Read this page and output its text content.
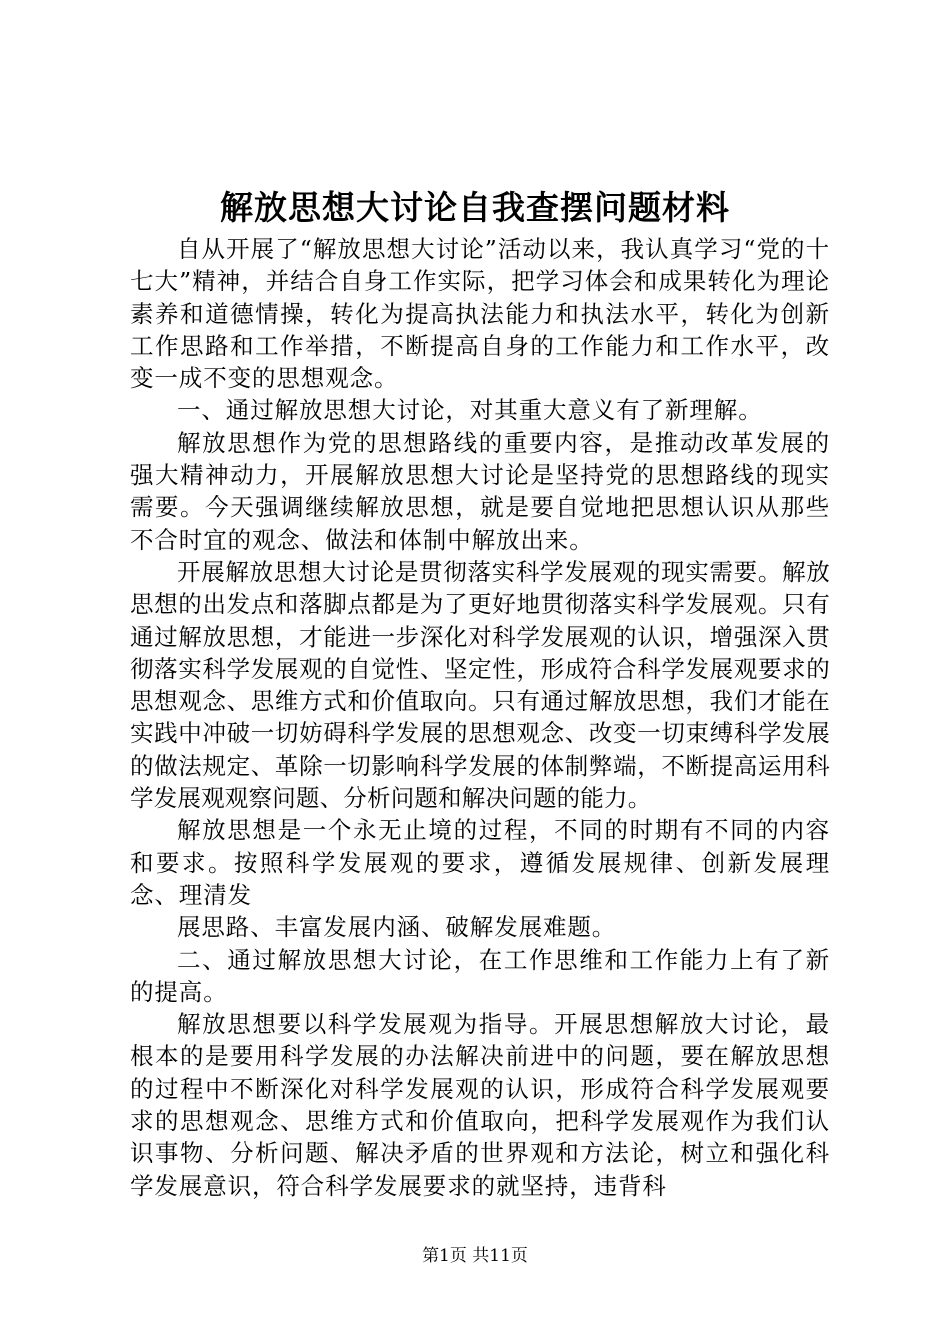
解放思想大讨论自我查摆问题材料

自从开展了“解放思想大讨论”活动以来，我认真学习“党的十七大”精神，并结合自身工作实际，把学习体会和成果转化为理论素养和道德情操，转化为提高执法能力和执法水平，转化为创新工作思路和工作举措，不断提高自身的工作能力和工作水平，改变一成不变的思想观念。

一、通过解放思想大讨论，对其重大意义有了新理解。

解放思想作为党的思想路线的重要内容，是推动改革发展的强大精神动力，开展解放思想大讨论是坚持党的思想路线的现实需要。今天强调继续解放思想，就是要自觉地把思想认识从那些不合时宜的观念、做法和体制中解放出来。

开展解放思想大讨论是贯彻落实科学发展观的现实需要。解放思想的出发点和落脚点都是为了更好地贯彻落实科学发展观。只有通过解放思想，才能进一步深化对科学发展观的认识，增强深入贯彻落实科学发展观的自觉性、坚定性，形成符合科学发展观要求的思想观念、思维方式和价值取向。只有通过解放思想，我们才能在实践中冲破一切妨碍科学发展的思想观念、改变一切束缚科学发展的做法规定、革除一切影响科学发展的体制弊端，不断提高运用科学发展观观察问题、分析问题和解决问题的能力。

解放思想是一个永无止境的过程，不同的时期有不同的内容和要求。按照科学发展观的要求，遵循发展规律、创新发展理念、理清发

展思路、丰富发展内涵、破解发展难题。

二、通过解放思想大讨论，在工作思维和工作能力上有了新的提高。

解放思想要以科学发展观为指导。开展思想解放大讨论，最根本的是要用科学发展的办法解决前进中的问题，要在解放思想的过程中不断深化对科学发展观的认识，形成符合科学发展观要求的思想观念、思维方式和价值取向，把科学发展观作为我们认识事物、分析问题、解决矛盾的世界观和方法论，树立和强化科学发展意识，符合科学发展要求的就坚持，违背科

第1页 共11页
